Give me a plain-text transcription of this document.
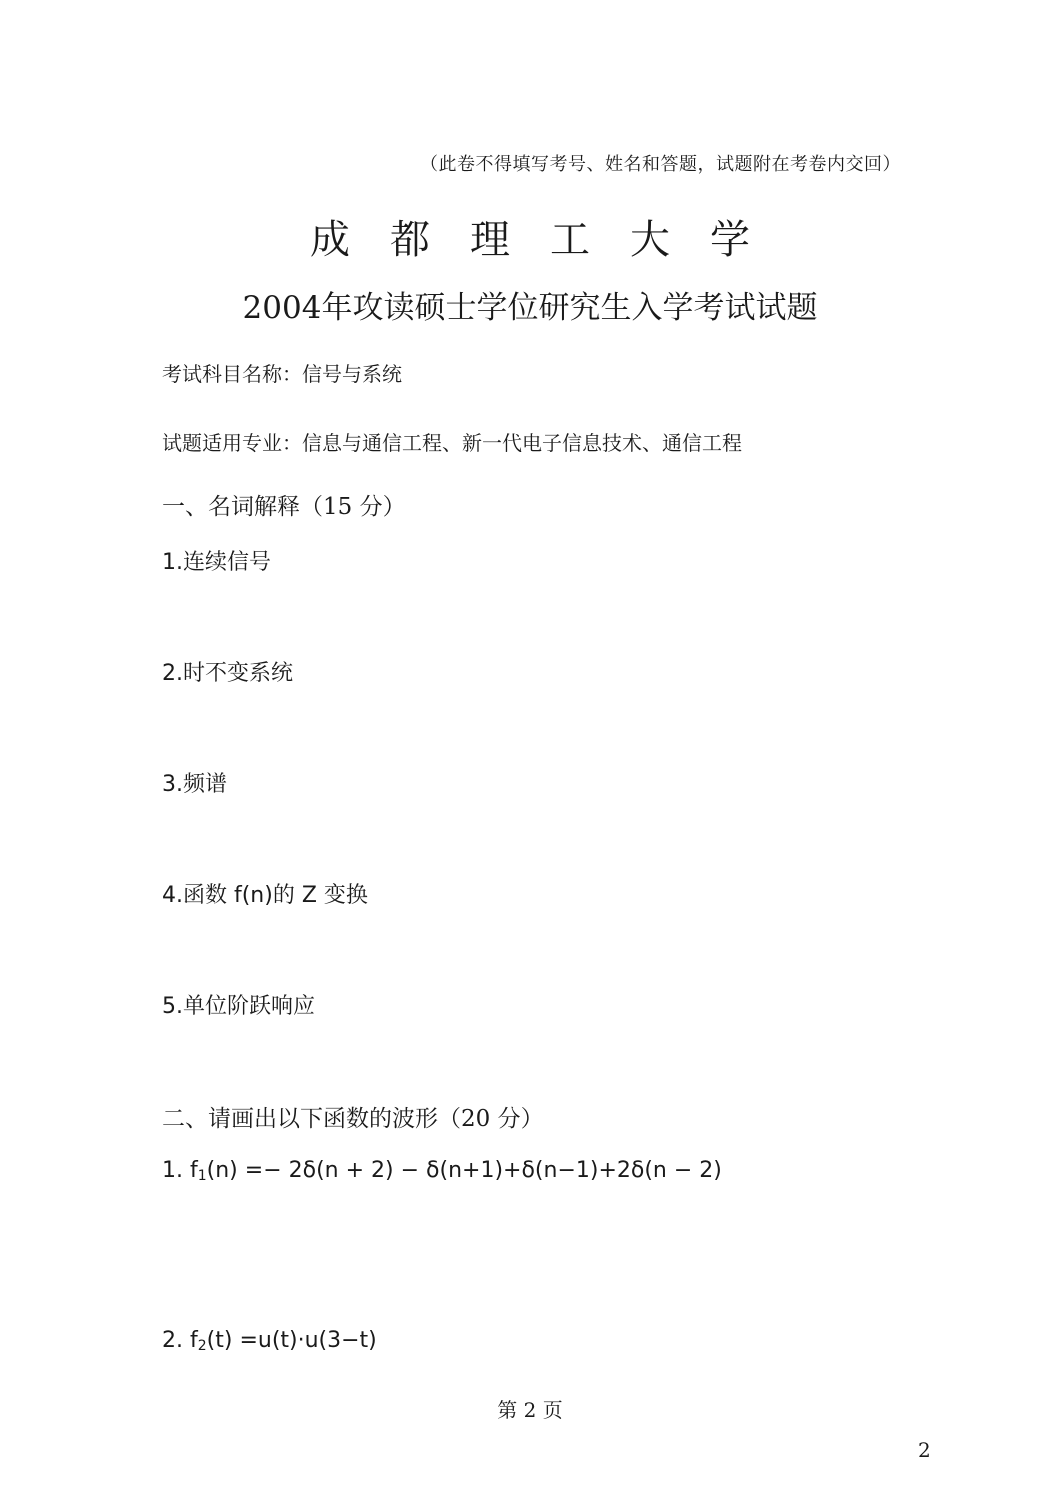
（此卷不得填写考号、姓名和答题，试题附在考卷内交回）
成都理工大学
2004年攻读硕士学位研究生入学考试试题
考试科目名称：信号与系统
试题适用专业：信息与通信工程、新一代电子信息技术、通信工程
一、名词解释（15 分）
1.连续信号
2.时不变系统
3.频谱
4.函数 f(n)的 Z 变换
5.单位阶跃响应
二、请画出以下函数的波形（20 分）
1. $f_1(n) =- 2\delta(n + 2) - \delta(n+1)+\delta(n-1)+2\delta(n - 2)$
2. $f_2(t) =u(t)\cdot u(3-t)$
第 2 页
2
